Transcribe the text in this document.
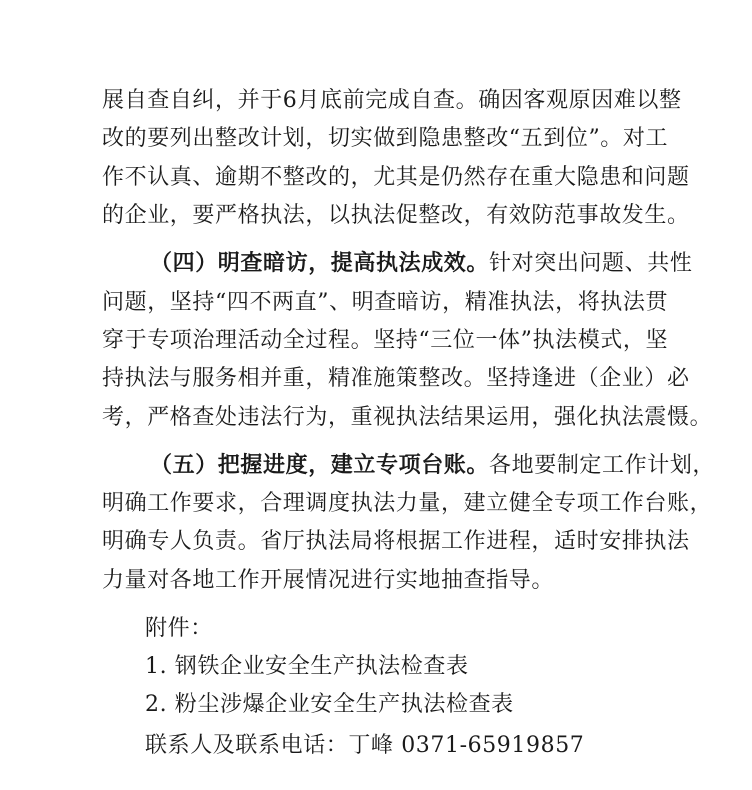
展自查自纠，并于6月底前完成自查。确因客观原因难以整
改的要列出整改计划，切实做到隐患整改“五到位”。对工
作不认真、逾期不整改的，尤其是仍然存在重大隐患和问题
的企业，要严格执法，以执法促整改，有效防范事故发生。
（四）明查暗访，提高执法成效。针对突出问题、共性
问题，坚持“四不两直”、明查暗访，精准执法，将执法贯
穿于专项治理活动全过程。坚持“三位一体”执法模式，坚
持执法与服务相并重，精准施策整改。坚持逢进（企业）必
考，严格查处违法行为，重视执法结果运用，强化执法震慑。
（五）把握进度，建立专项台账。各地要制定工作计划，
明确工作要求，合理调度执法力量，建立健全专项工作台账，
明确专人负责。省厅执法局将根据工作进程，适时安排执法
力量对各地工作开展情况进行实地抽查指导。
附件：
1. 钢铁企业安全生产执法检查表
2. 粉尘涉爆企业安全生产执法检查表
联系人及联系电话：丁峰 0371-65919857
